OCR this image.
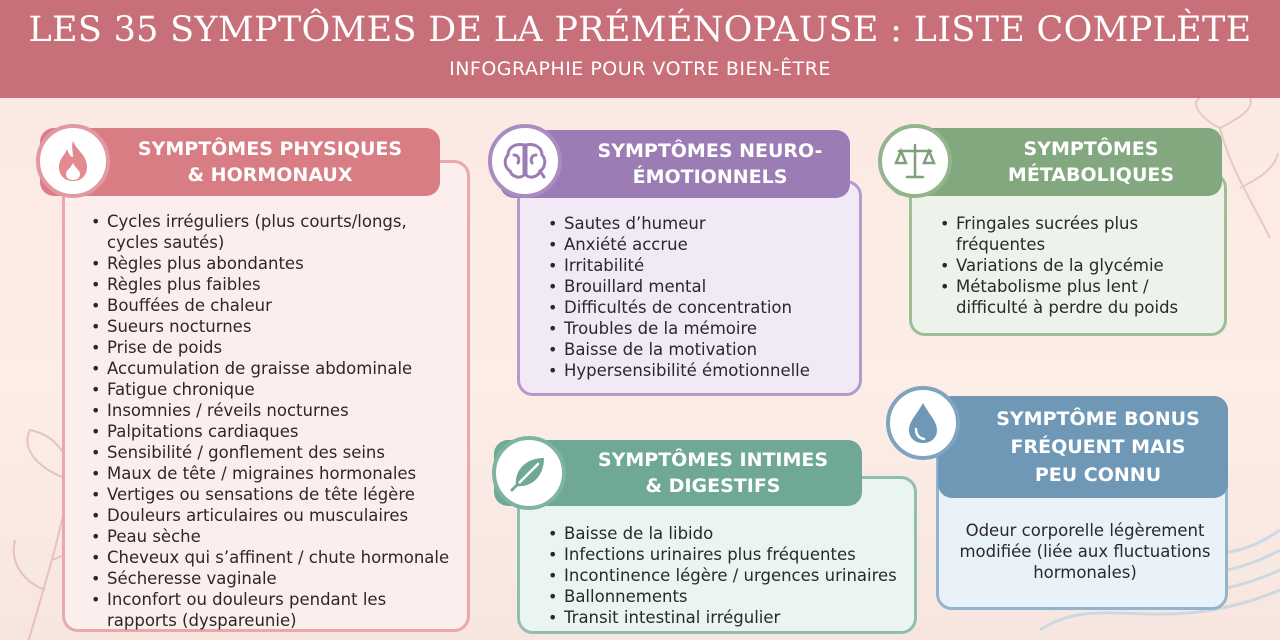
LES 35 SYMPTÔMES DE LA PRÉMÉNOPAUSE : LISTE COMPLÈTE
INFOGRAPHIE POUR VOTRE BIEN-ÊTRE
• Cycles irréguliers (plus courts/longs, cycles sautés)
• Règles plus abondantes
• Règles plus faibles
• Bouffées de chaleur
• Sueurs nocturnes
• Prise de poids
• Accumulation de graisse abdominale
• Fatigue chronique
• Insomnies / réveils nocturnes
• Palpitations cardiaques
• Sensibilité / gonflement des seins
• Maux de tête / migraines hormonales
• Vertiges ou sensations de tête légère
• Douleurs articulaires ou musculaires
• Peau sèche
• Cheveux qui s’affinent / chute hormonale
• Sécheresse vaginale
• Inconfort ou douleurs pendant les rapports (dyspareunie)
SYMPTÔMES PHYSIQUES & HORMONAUX
• Sautes d’humeur
• Anxiété accrue
• Irritabilité
• Brouillard mental
• Difficultés de concentration
• Troubles de la mémoire
• Baisse de la motivation
• Hypersensibilité émotionnelle
SYMPTÔMES NEURO-ÉMOTIONNELS
• Fringales sucrées plus fréquentes
• Variations de la glycémie
• Métabolisme plus lent / difficulté à perdre du poids
SYMPTÔMES MÉTABOLIQUES
• Baisse de la libido
• Infections urinaires plus fréquentes
• Incontinence légère / urgences urinaires
• Ballonnements
• Transit intestinal irrégulier
SYMPTÔMES INTIMES & DIGESTIFS
SYMPTÔME BONUS FRÉQUENT MAIS PEU CONNU
Odeur corporelle légèrement modifiée (liée aux fluctuations hormonales)
